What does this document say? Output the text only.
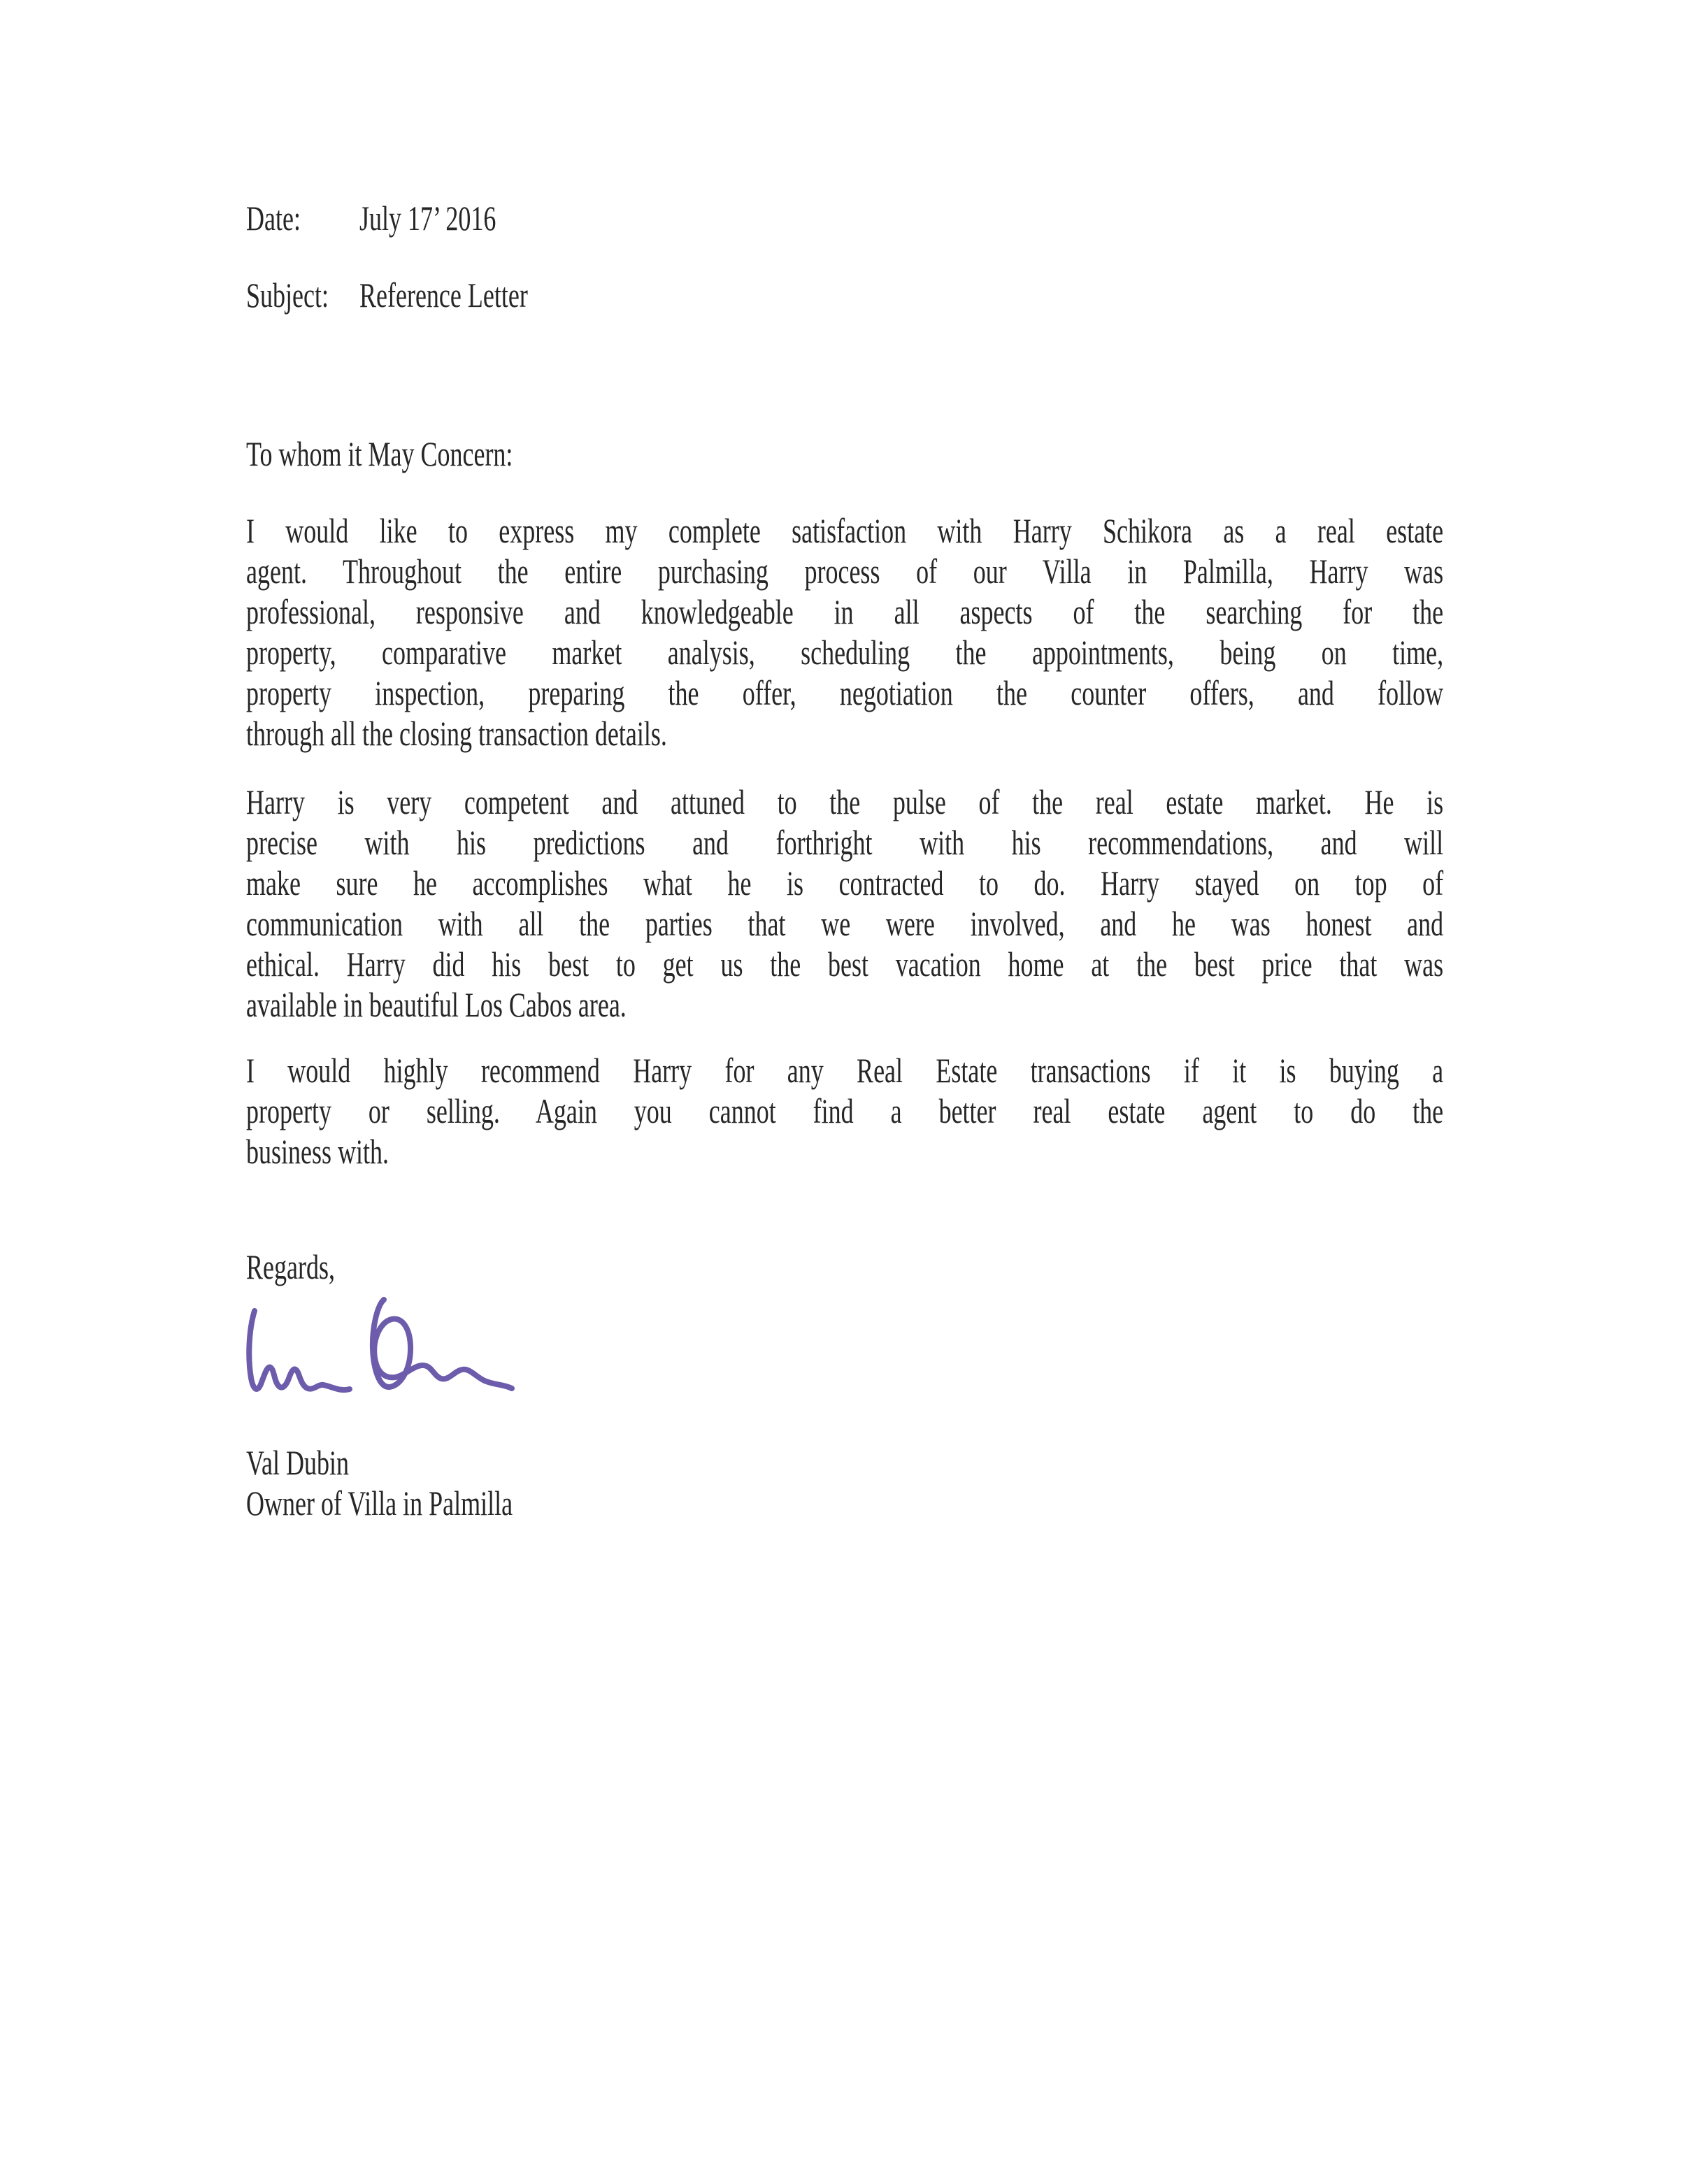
Date:	July 17’ 2016
Subject: Reference Letter
To whom it May Concern:
I would like to express my complete satisfaction with Harry Schikora as a real estate
agent. Throughout the entire purchasing process of our Villa in Palmilla, Harry was
professional, responsive and knowledgeable in all aspects of the searching for the
property, comparative market analysis, scheduling the appointments, being on time,
property inspection, preparing the offer, negotiation the counter offers, and follow
through all the closing transaction details.
Harry is very competent and attuned to the pulse of the real estate market. He is
precise with his predictions and forthright with his recommendations, and will
make sure he accomplishes what he is contracted to do. Harry stayed on top of
communication with all the parties that we were involved, and he was honest and
ethical. Harry did his best to get us the best vacation home at the best price that was
available in beautiful Los Cabos area.
I would highly recommend Harry for any Real Estate transactions if it is buying a
property or selling. Again you cannot find a better real estate agent to do the
business with.
Regards,
Val Dubin
Owner of Villa in Palmilla
